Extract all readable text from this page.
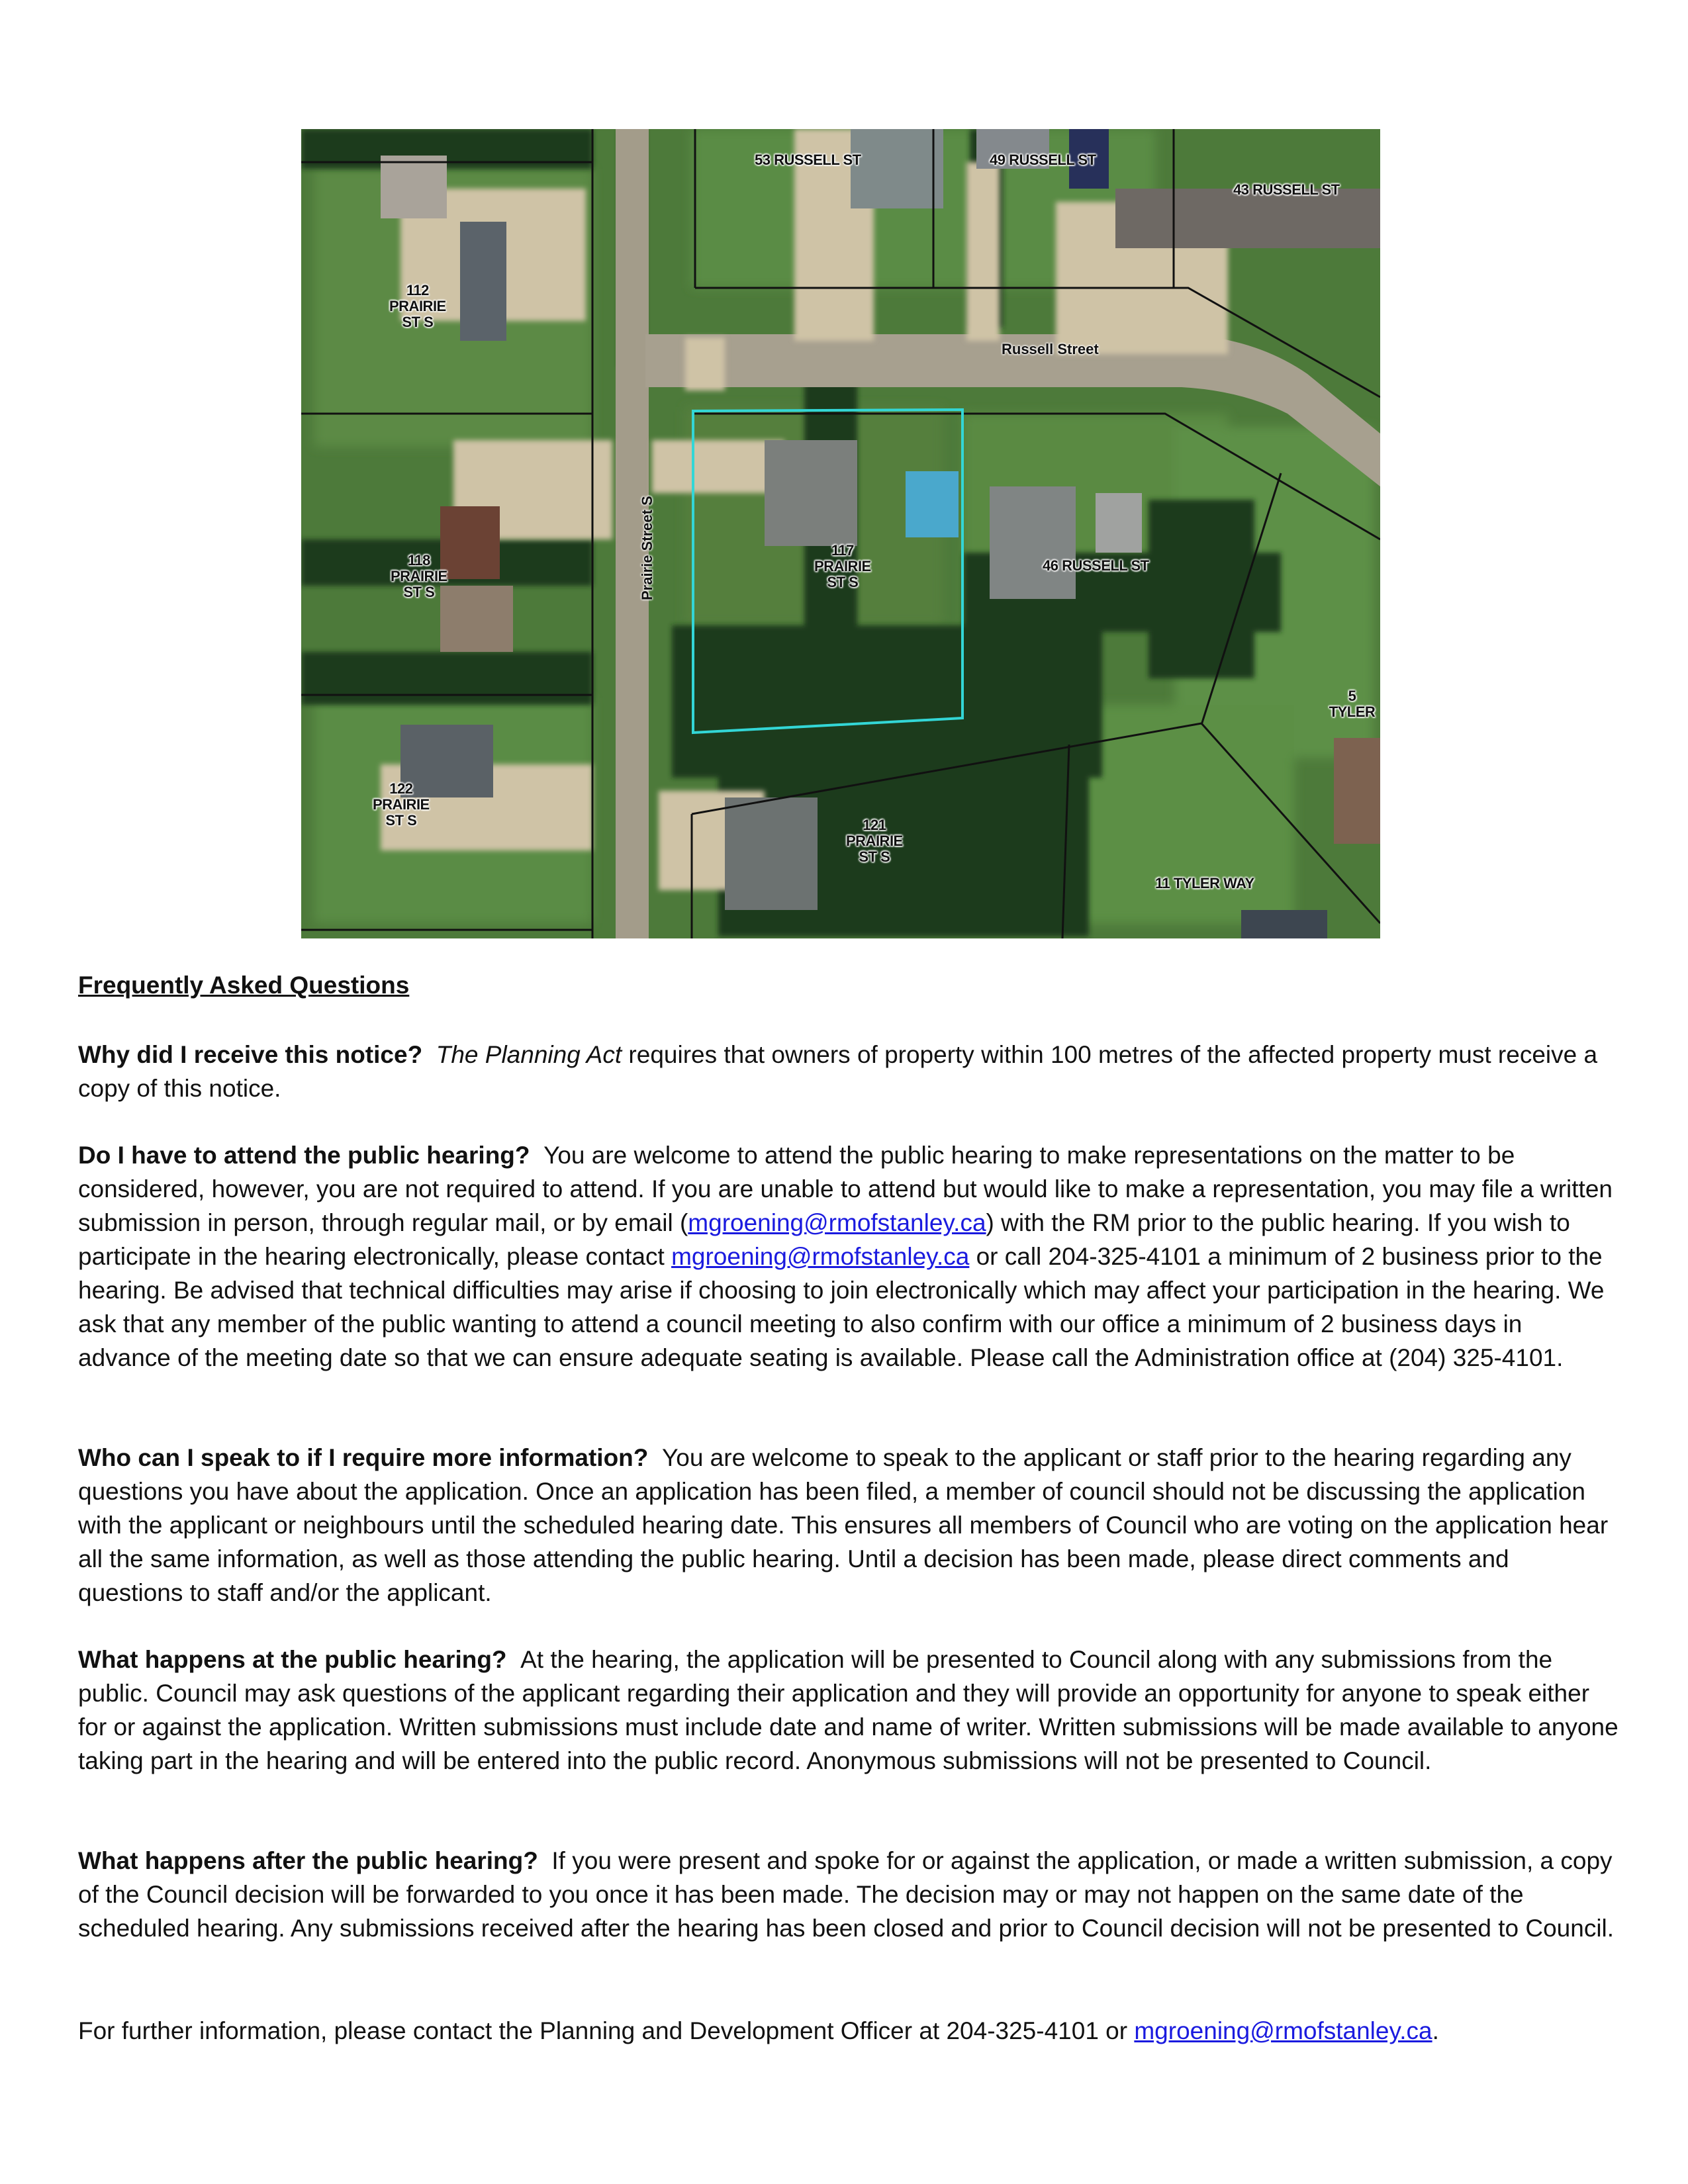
53 RUSSELL ST	49 RUSSELL ST
43 RUSSELL ST
112
PRAIRIE
ST S
118
PRAIRIE
ST S
117
PRAIRIE
ST S
46 RUSSELL ST
5 TYLER
122
PRAIRIE
ST S	121
PRAIRIE
ST S
11 TYLER WAY
Russell Street
Prairie Street S
Frequently Asked Questions

Why did I receive this notice? The Planning Act requires that owners of property within 100 metres of the affected property must receive a copy of this notice.

Do I have to attend the public hearing? You are welcome to attend the public hearing to make representations on the matter to be considered, however, you are not required to attend. If you are unable to attend but would like to make a representation, you may file a written submission in person, through regular mail, or by email (mgroening@rmofstanley.ca) with the RM prior to the public hearing. If you wish to participate in the hearing electronically, please contact mgroening@rmofstanley.ca or call 204-325-4101 a minimum of 2 business prior to the hearing. Be advised that technical difficulties may arise if choosing to join electronically which may affect your participation in the hearing. We ask that any member of the public wanting to attend a council meeting to also confirm with our office a minimum of 2 business days in advance of the meeting date so that we can ensure adequate seating is available. Please call the Administration office at (204) 325-4101.

Who can I speak to if I require more information? You are welcome to speak to the applicant or staff prior to the hearing regarding any questions you have about the application. Once an application has been filed, a member of council should not be discussing the application with the applicant or neighbours until the scheduled hearing date. This ensures all members of Council who are voting on the application hear all the same information, as well as those attending the public hearing. Until a decision has been made, please direct comments and questions to staff and/or the applicant.

What happens at the public hearing? At the hearing, the application will be presented to Council along with any submissions from the public. Council may ask questions of the applicant regarding their application and they will provide an opportunity for anyone to speak either for or against the application. Written submissions must include date and name of writer. Written submissions will be made available to anyone taking part in the hearing and will be entered into the public record. Anonymous submissions will not be presented to Council.

What happens after the public hearing? If you were present and spoke for or against the application, or made a written submission, a copy of the Council decision will be forwarded to you once it has been made. The decision may or may not happen on the same date of the scheduled hearing. Any submissions received after the hearing has been closed and prior to Council decision will not be presented to Council.

For further information, please contact the Planning and Development Officer at 204-325-4101 or mgroening@rmofstanley.ca.
